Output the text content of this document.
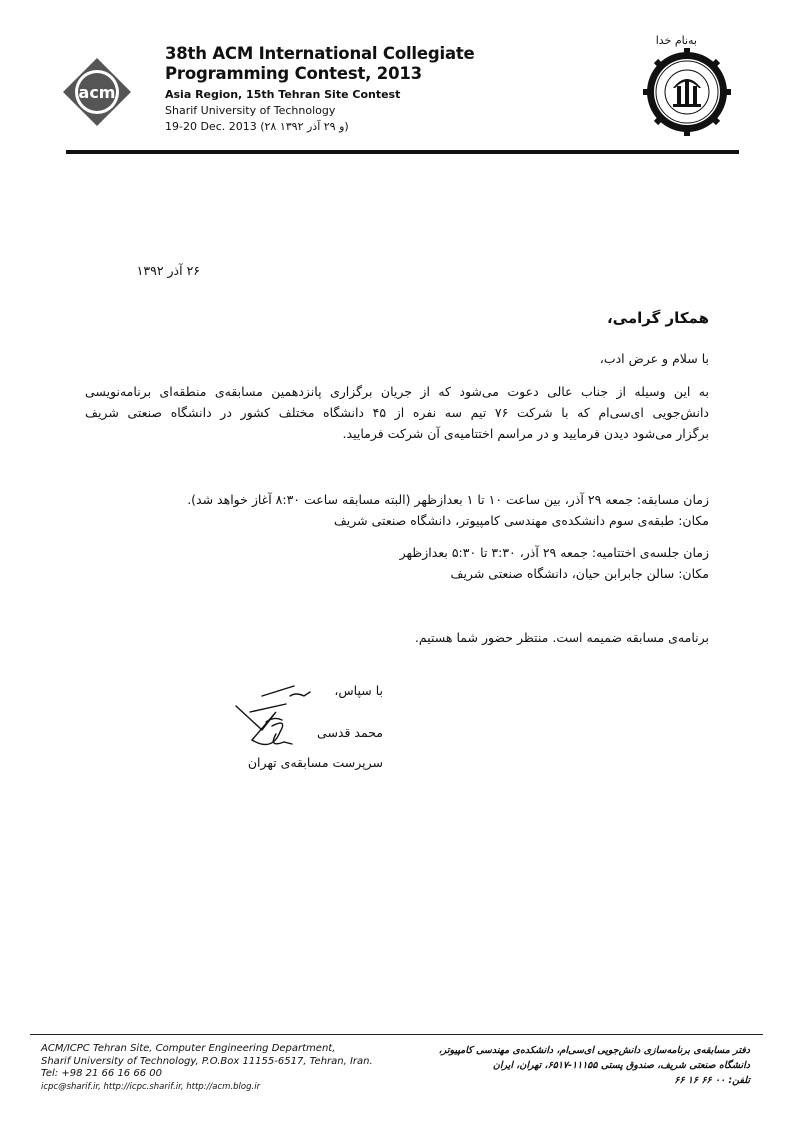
acm
38th ACM International Collegiate
Programming Contest, 2013
Asia Region, 15th Tehran Site Contest
Sharif University of Technology
19-20 Dec. 2013 (۲۸ و ۲۹ آذر ۱۳۹۲)
به‌نام خدا
۲۶ آذر ۱۳۹۲
همکار گرامی،
با سلام و عرض ادب،
به این وسیله از جناب عالی دعوت می‌شود که از جریان برگزاری پانزدهمین مسابقه‌ی منطقه‌ای برنامه‌نویسی
دانش‌جویی ای‌سی‌ام که با شرکت ۷۶ تیم سه نفره از ۴۵ دانشگاه مختلف کشور در دانشگاه صنعتی شریف
برگزار می‌شود دیدن فرمایید و در مراسم اختتامیه‌ی آن شرکت فرمایید.
زمان مسابقه: جمعه ۲۹ آذر، بین ساعت ۱۰ تا ۱ بعدازظهر (البته مسابقه ساعت ۸:۳۰ آغاز خواهد شد).
مکان: طبقه‌ی سوم دانشکده‌ی مهندسی کامپیوتر، دانشگاه صنعتی شریف
زمان جلسه‌ی اختتامیه: جمعه ۲۹ آذر، ۳:۳۰ تا ۵:۳۰ بعدازظهر
مکان: سالن جابرابن حیان، دانشگاه صنعتی شریف
برنامه‌ی مسابقه ضمیمه است. منتظر حضور شما هستیم.
با سپاس،
محمد قدسی
سرپرست مسابقه‌ی تهران
ACM/ICPC Tehran Site, Computer Engineering Department,
Sharif University of Technology, P.O.Box 11155-6517, Tehran, Iran.
Tel: +98 21 66 16 66 00
icpc@sharif.ir, http://icpc.sharif.ir, http://acm.blog.ir
دفتر مسابقه‌ی برنامه‌سازی دانش‌جویی ای‌سی‌ام، دانشکده‌ی مهندسی کامپیوتر،
دانشگاه صنعتی شریف، صندوق پستی ۱۱۱۵۵-۶۵۱۷، تهران، ایران
تلفن: ۰۰ ۶۶ ۱۶ ۶۶
